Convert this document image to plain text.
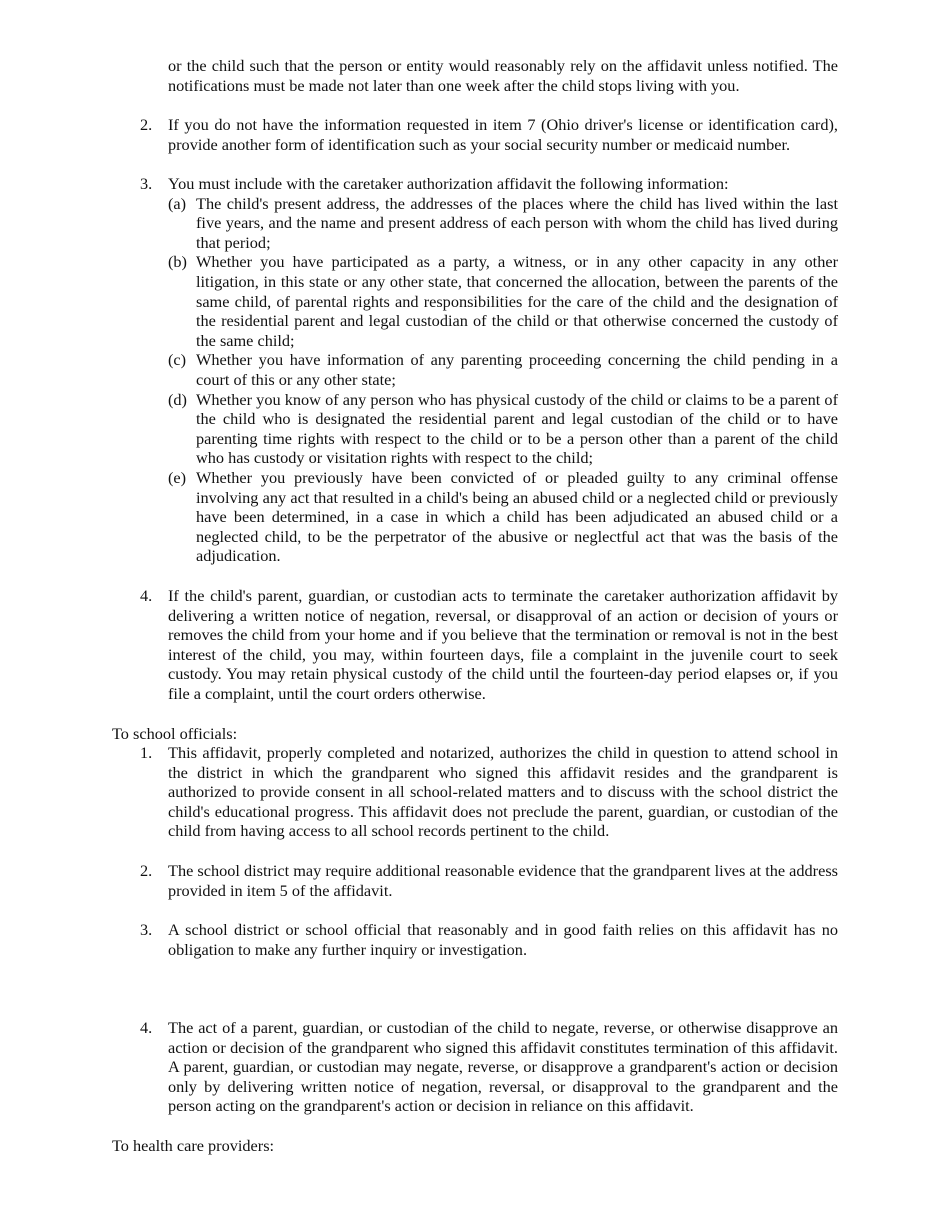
or the child such that the person or entity would reasonably rely on the affidavit unless notified. The notifications must be made not later than one week after the child stops living with you.

2. If you do not have the information requested in item 7 (Ohio driver's license or identification card), provide another form of identification such as your social security number or medicaid number.
3. You must include with the caretaker authorization affidavit the following information:
(a) The child's present address, the addresses of the places where the child has lived within the last five years, and the name and present address of each person with whom the child has lived during that period;
(b) Whether you have participated as a party, a witness, or in any other capacity in any other litigation, in this state or any other state, that concerned the allocation, between the parents of the same child, of parental rights and responsibilities for the care of the child and the designation of the residential parent and legal custodian of the child or that otherwise concerned the custody of the same child;
(c) Whether you have information of any parenting proceeding concerning the child pending in a court of this or any other state;
(d) Whether you know of any person who has physical custody of the child or claims to be a parent of the child who is designated the residential parent and legal custodian of the child or to have parenting time rights with respect to the child or to be a person other than a parent of the child who has custody or visitation rights with respect to the child;
(e) Whether you previously have been convicted of or pleaded guilty to any criminal offense involving any act that resulted in a child's being an abused child or a neglected child or previously have been determined, in a case in which a child has been adjudicated an abused child or a neglected child, to be the perpetrator of the abusive or neglectful act that was the basis of the adjudication.
4. If the child's parent, guardian, or custodian acts to terminate the caretaker authorization affidavit by delivering a written notice of negation, reversal, or disapproval of an action or decision of yours or removes the child from your home and if you believe that the termination or removal is not in the best interest of the child, you may, within fourteen days, file a complaint in the juvenile court to seek custody. You may retain physical custody of the child until the fourteen-day period elapses or, if you file a complaint, until the court orders otherwise.

To school officials:

1. This affidavit, properly completed and notarized, authorizes the child in question to attend school in the district in which the grandparent who signed this affidavit resides and the grandparent is authorized to provide consent in all school-related matters and to discuss with the school district the child's educational progress. This affidavit does not preclude the parent, guardian, or custodian of the child from having access to all school records pertinent to the child.
2. The school district may require additional reasonable evidence that the grandparent lives at the address provided in item 5 of the affidavit.
3. A school district or school official that reasonably and in good faith relies on this affidavit has no obligation to make any further inquiry or investigation.
4. The act of a parent, guardian, or custodian of the child to negate, reverse, or otherwise disapprove an action or decision of the grandparent who signed this affidavit constitutes termination of this affidavit. A parent, guardian, or custodian may negate, reverse, or disapprove a grandparent's action or decision only by delivering written notice of negation, reversal, or disapproval to the grandparent and the person acting on the grandparent's action or decision in reliance on this affidavit.

To health care providers:
